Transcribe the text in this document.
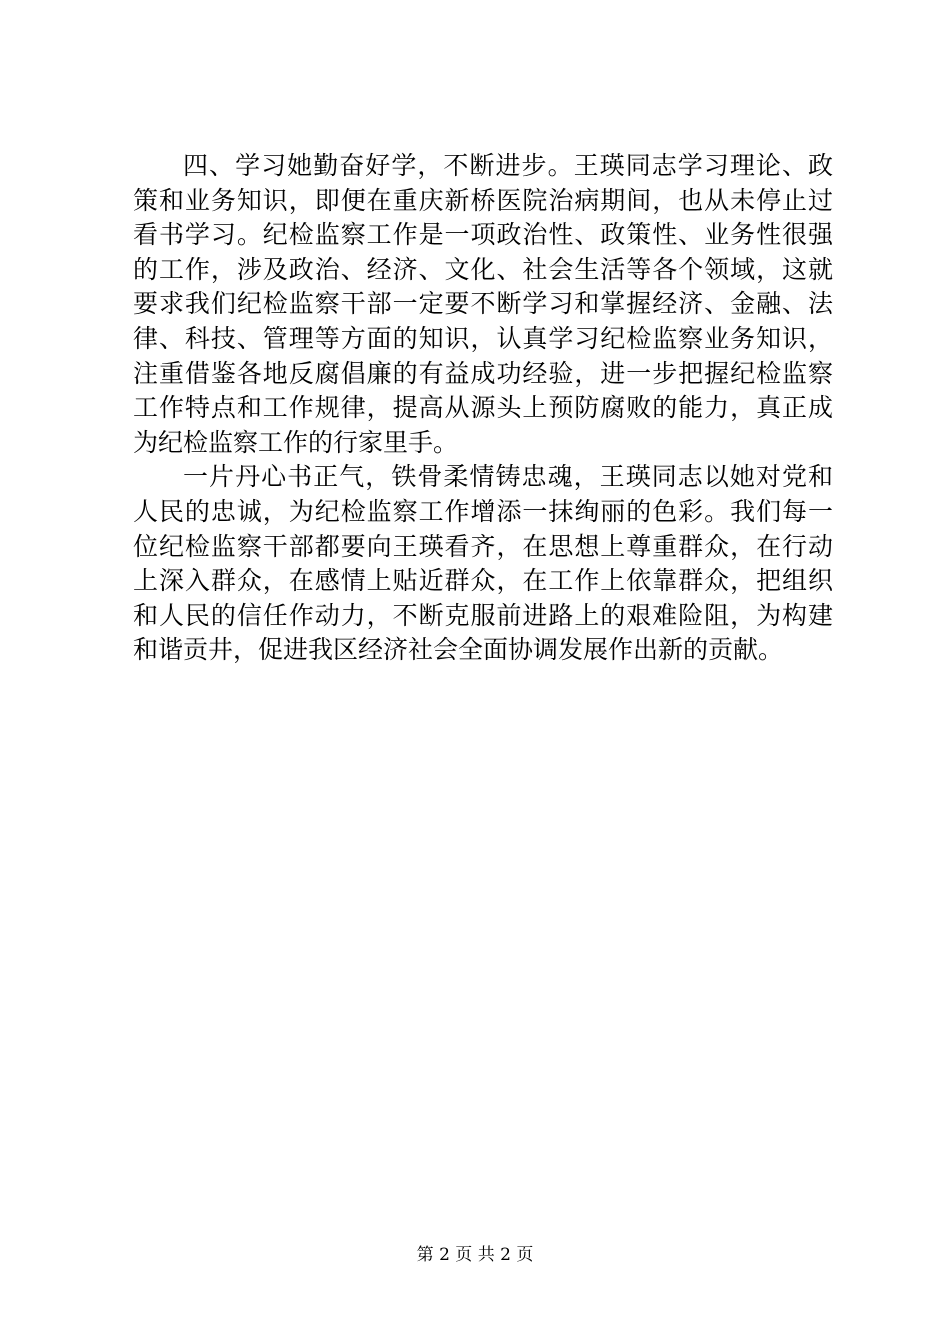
四、学习她勤奋好学，不断进步。王瑛同志学习理论、政
策和业务知识，即便在重庆新桥医院治病期间，也从未停止过
看书学习。纪检监察工作是一项政治性、政策性、业务性很强
的工作，涉及政治、经济、文化、社会生活等各个领域，这就
要求我们纪检监察干部一定要不断学习和掌握经济、金融、法
律、科技、管理等方面的知识，认真学习纪检监察业务知识，
注重借鉴各地反腐倡廉的有益成功经验，进一步把握纪检监察
工作特点和工作规律，提高从源头上预防腐败的能力，真正成
为纪检监察工作的行家里手。
一片丹心书正气，铁骨柔情铸忠魂，王瑛同志以她对党和
人民的忠诚，为纪检监察工作增添一抹绚丽的色彩。我们每一
位纪检监察干部都要向王瑛看齐，在思想上尊重群众，在行动
上深入群众，在感情上贴近群众，在工作上依靠群众，把组织
和人民的信任作动力，不断克服前进路上的艰难险阻，为构建
和谐贡井，促进我区经济社会全面协调发展作出新的贡献。
第 2 页 共 2 页
